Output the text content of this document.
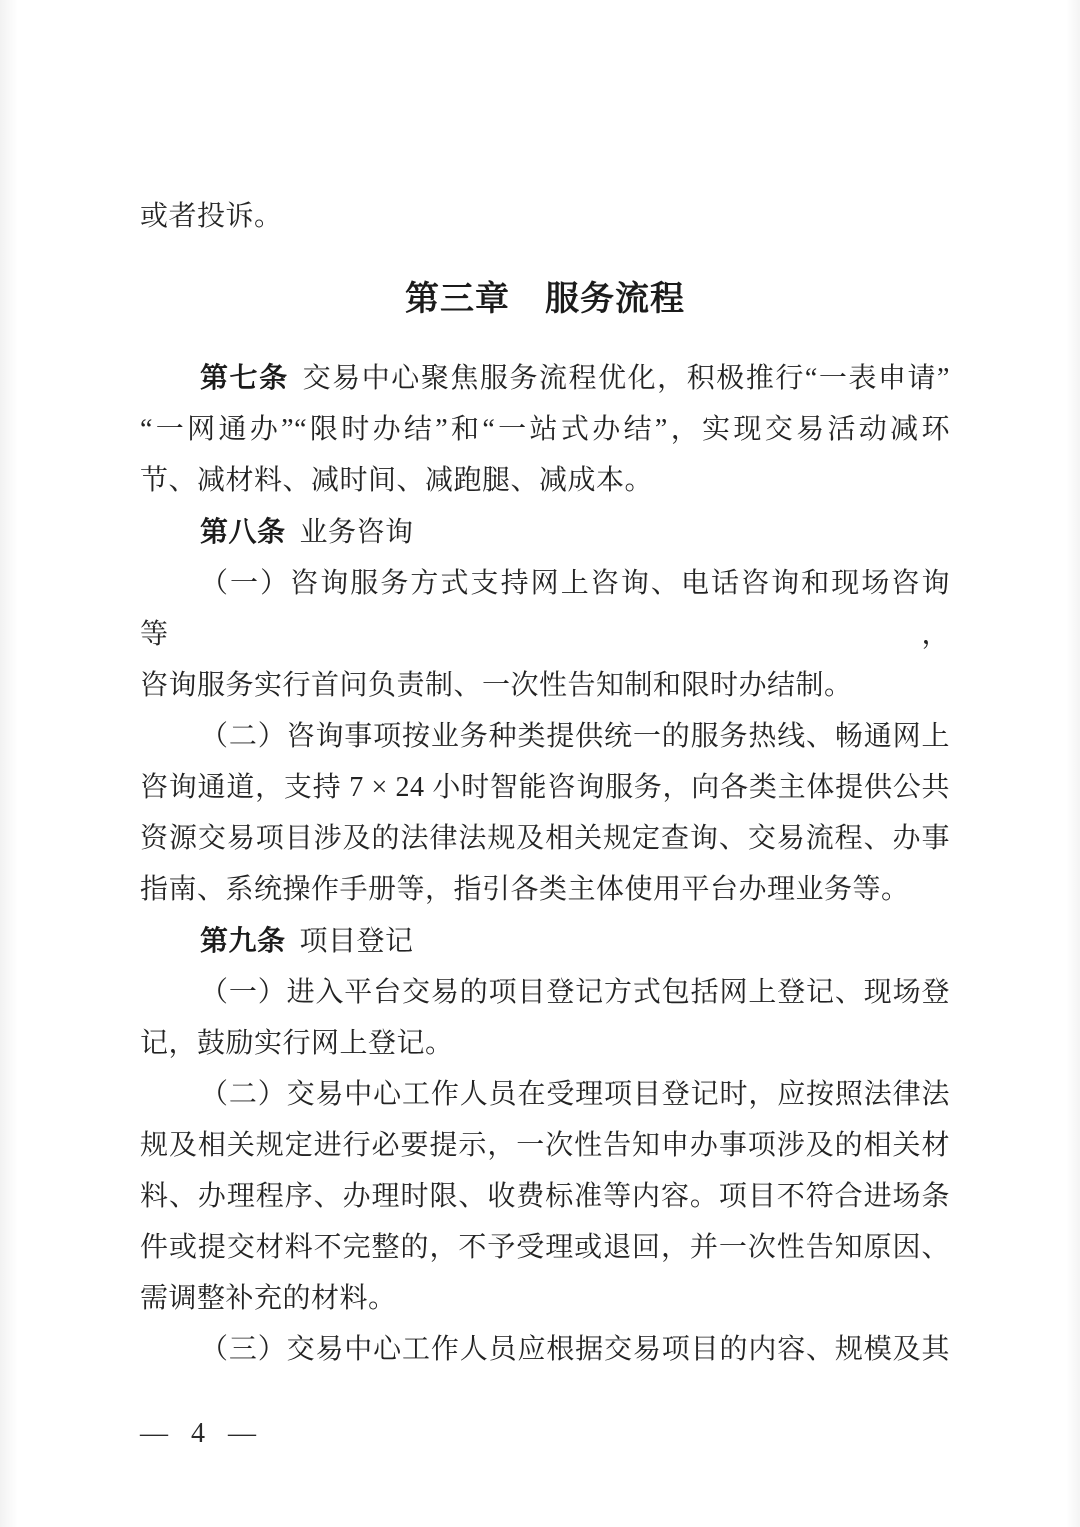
或者投诉。
第三章　服务流程
第七条 交易中心聚焦服务流程优化，积极推行“一表申请”
“一网通办”“限时办结”和“一站式办结”，实现交易活动减环
节、减材料、减时间、减跑腿、减成本。
第八条 业务咨询
（一）咨询服务方式支持网上咨询、电话咨询和现场咨询等，
咨询服务实行首问负责制、一次性告知制和限时办结制。
（二）咨询事项按业务种类提供统一的服务热线、畅通网上
咨询通道，支持 7 × 24 小时智能咨询服务，向各类主体提供公共
资源交易项目涉及的法律法规及相关规定查询、交易流程、办事
指南、系统操作手册等，指引各类主体使用平台办理业务等。
第九条 项目登记
（一）进入平台交易的项目登记方式包括网上登记、现场登
记，鼓励实行网上登记。
（二）交易中心工作人员在受理项目登记时，应按照法律法
规及相关规定进行必要提示，一次性告知申办事项涉及的相关材
料、办理程序、办理时限、收费标准等内容。项目不符合进场条
件或提交材料不完整的，不予受理或退回，并一次性告知原因、
需调整补充的材料。
（三）交易中心工作人员应根据交易项目的内容、规模及其
— 4 —
